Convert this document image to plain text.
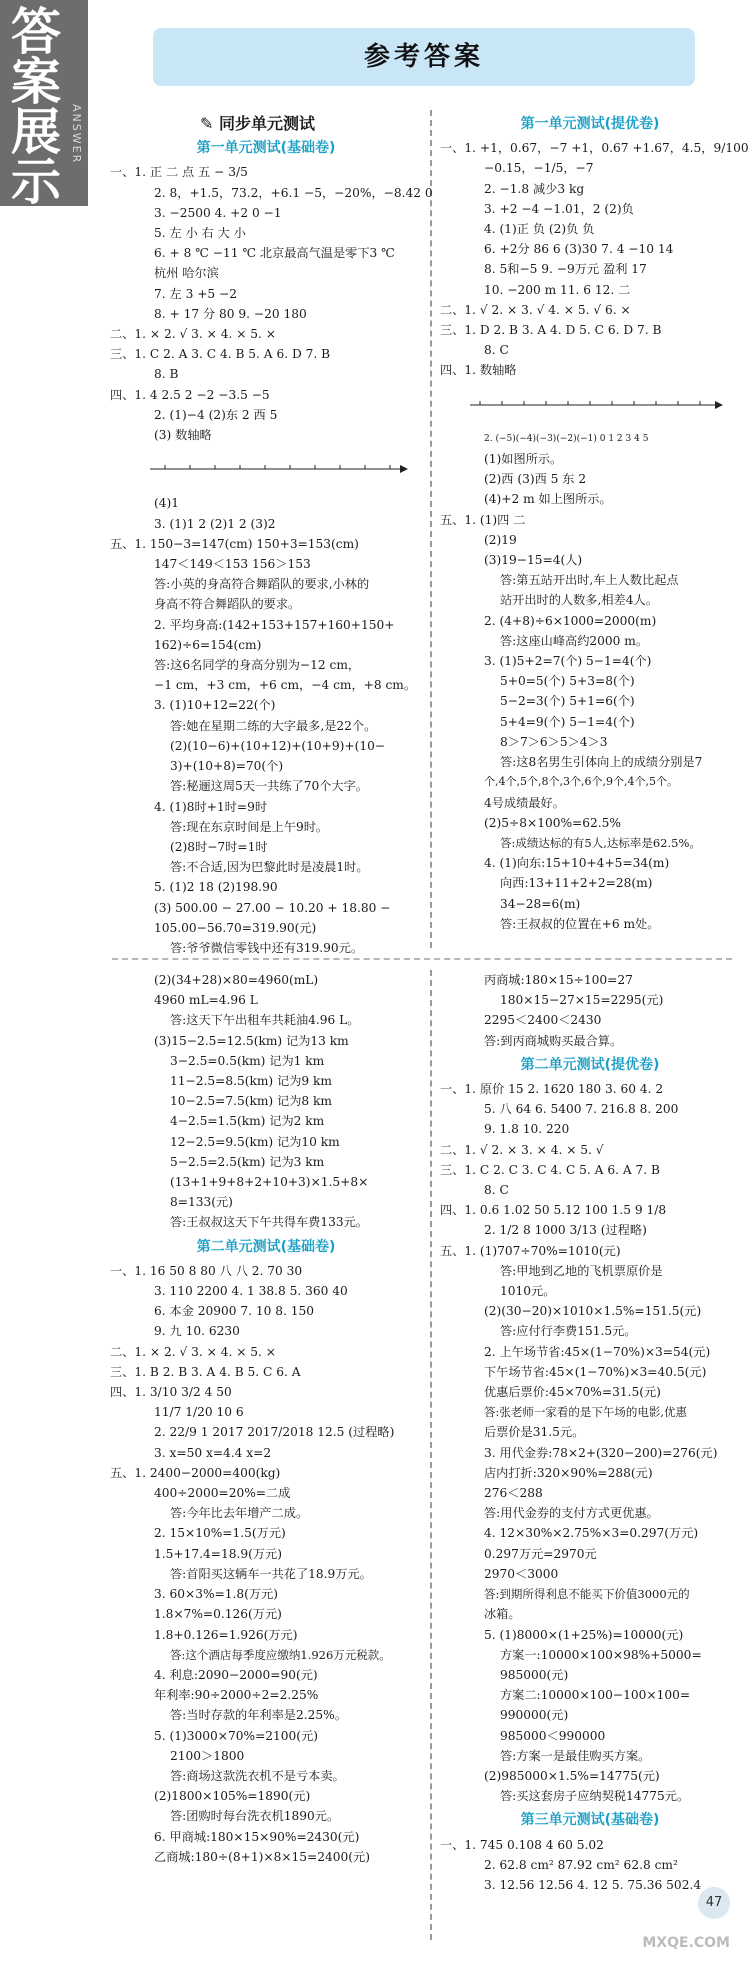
答
案
展
示
ANSWER
参考答案
✎ 同步单元测试
第一单元测试(基础卷)
一、1. 正 二 点 五 − 3/5
2. 8，+1.5，73.2，+6.1 −5，−20%，−8.42 0
3. −2500 4. +2 0 −1
5. 左 小 右 大 小
6. + 8 ℃ −11 ℃ 北京最高气温是零下3 ℃
杭州 哈尔滨
7. 左 3 +5 −2
8. + 17 分 80 9. −20 180
二、1. × 2. √ 3. × 4. × 5. ×
三、1. C 2. A 3. C 4. B 5. A 6. D 7. B
8. B
四、1. 4 2.5 2 −2 −3.5 −5
2. (1)−4 (2)东 2 西 5
(3) 数轴略
(4)1
3. (1)1 2 (2)1 2 (3)2
五、1. 150−3=147(cm) 150+3=153(cm)
147＜149＜153 156＞153
答:小英的身高符合舞蹈队的要求,小林的
身高不符合舞蹈队的要求。
2. 平均身高:(142+153+157+160+150+
162)÷6=154(cm)
答:这6名同学的身高分别为−12 cm，
−1 cm，+3 cm，+6 cm，−4 cm，+8 cm。
3. (1)10+12=22(个)
答:她在星期二练的大字最多,是22个。
(2)(10−6)+(10+12)+(10+9)+(10−
3)+(10+8)=70(个)
答:秘逦这周5天一共练了70个大字。
4. (1)8时+1时=9时
答:现在东京时间是上午9时。
(2)8时−7时=1时
答:不合适,因为巴黎此时是凌晨1时。
5. (1)2 18 (2)198.90
(3) 500.00 − 27.00 − 10.20 + 18.80 −
105.00−56.70=319.90(元)
答:爷爷微信零钱中还有319.90元。
第一单元测试(提优卷)
一、1. +1，0.67，−7 +1，0.67 +1.67，4.5，9/100
−0.15，−1/5，−7
2. −1.8 减少3 kg
3. +2 −4 −1.01，2 (2)负
4. (1)正 负 (2)负 负
6. +2分 86 6 (3)30 7. 4 −10 14
8. 5和−5 9. −9万元 盈利 17
10. −200 m 11. 6 12. 二
二、1. √ 2. × 3. √ 4. × 5. √ 6. ×
三、1. D 2. B 3. A 4. D 5. C 6. D 7. B
8. C
四、1. 数轴略
2. (−5)(−4)(−3)(−2)(−1) 0 1 2 3 4 5
(1)如图所示。
(2)西 (3)西 5 东 2
(4)+2 m 如上图所示。
五、1. (1)四 二
(2)19
(3)19−15=4(人)
答:第五站开出时,车上人数比起点
站开出时的人数多,相差4人。
2. (4+8)÷6×1000=2000(m)
答:这座山峰高约2000 m。
3. (1)5+2=7(个) 5−1=4(个)
5+0=5(个) 5+3=8(个)
5−2=3(个) 5+1=6(个)
5+4=9(个) 5−1=4(个)
8＞7＞6＞5＞4＞3
答:这8名男生引体向上的成绩分别是7
个,4个,5个,8个,3个,6个,9个,4个,5个。
4号成绩最好。
(2)5÷8×100%=62.5%
答:成绩达标的有5人,达标率是62.5%。
4. (1)向东:15+10+4+5=34(m)
向西:13+11+2+2=28(m)
34−28=6(m)
答:王叔叔的位置在+6 m处。
(2)(34+28)×80=4960(mL)
4960 mL=4.96 L
答:这天下午出租车共耗油4.96 L。
(3)15−2.5=12.5(km) 记为13 km
3−2.5=0.5(km) 记为1 km
11−2.5=8.5(km) 记为9 km
10−2.5=7.5(km) 记为8 km
4−2.5=1.5(km) 记为2 km
12−2.5=9.5(km) 记为10 km
5−2.5=2.5(km) 记为3 km
(13+1+9+8+2+10+3)×1.5+8×
8=133(元)
答:王叔叔这天下午共得车费133元。
第二单元测试(基础卷)
一、1. 16 50 8 80 八 八 2. 70 30
3. 110 2200 4. 1 38.8 5. 360 40
6. 本金 20900 7. 10 8. 150
9. 九 10. 6230
二、1. × 2. √ 3. × 4. × 5. ×
三、1. B 2. B 3. A 4. B 5. C 6. A
四、1. 3/10 3/2 4 50
11/7 1/20 10 6
2. 22/9 1 2017 2017/2018 12.5 (过程略)
3. x=50 x=4.4 x=2
五、1. 2400−2000=400(kg)
400÷2000=20%=二成
答:今年比去年增产二成。
2. 15×10%=1.5(万元)
1.5+17.4=18.9(万元)
答:首阳买这辆车一共花了18.9万元。
3. 60×3%=1.8(万元)
1.8×7%=0.126(万元)
1.8+0.126=1.926(万元)
答:这个酒店每季度应缴纳1.926万元税款。
4. 利息:2090−2000=90(元)
年利率:90÷2000÷2=2.25%
答:当时存款的年利率是2.25%。
5. (1)3000×70%=2100(元)
2100＞1800
答:商场这款洗衣机不是亏本卖。
(2)1800×105%=1890(元)
答:团购时每台洗衣机1890元。
6. 甲商城:180×15×90%=2430(元)
乙商城:180÷(8+1)×8×15=2400(元)
丙商城:180×15÷100=27
180×15−27×15=2295(元)
2295＜2400＜2430
答:到丙商城购买最合算。
第二单元测试(提优卷)
一、1. 原价 15 2. 1620 180 3. 60 4. 2
5. 八 64 6. 5400 7. 216.8 8. 200
9. 1.8 10. 220
二、1. √ 2. × 3. × 4. × 5. √
三、1. C 2. C 3. C 4. C 5. A 6. A 7. B
8. C
四、1. 0.6 1.02 50 5.12 100 1.5 9 1/8
2. 1/2 8 1000 3/13 (过程略)
五、1. (1)707÷70%=1010(元)
答:甲地到乙地的飞机票原价是
1010元。
(2)(30−20)×1010×1.5%=151.5(元)
答:应付行李费151.5元。
2. 上午场节省:45×(1−70%)×3=54(元)
下午场节省:45×(1−70%)×3=40.5(元)
优惠后票价:45×70%=31.5(元)
答:张老师一家看的是下午场的电影,优惠
后票价是31.5元。
3. 用代金券:78×2+(320−200)=276(元)
店内打折:320×90%=288(元)
276＜288
答:用代金券的支付方式更优惠。
4. 12×30%×2.75%×3=0.297(万元)
0.297万元=2970元
2970＜3000
答:到期所得利息不能买下价值3000元的
冰箱。
5. (1)8000×(1+25%)=10000(元)
方案一:10000×100×98%+5000=
985000(元)
方案二:10000×100−100×100=
990000(元)
985000＜990000
答:方案一是最佳购买方案。
(2)985000×1.5%=14775(元)
答:买这套房子应纳契税14775元。
第三单元测试(基础卷)
一、1. 745 0.108 4 60 5.02
2. 62.8 cm² 87.92 cm² 62.8 cm²
3. 12.56 12.56 4. 12 5. 75.36 502.4
47
MXQE.COM
